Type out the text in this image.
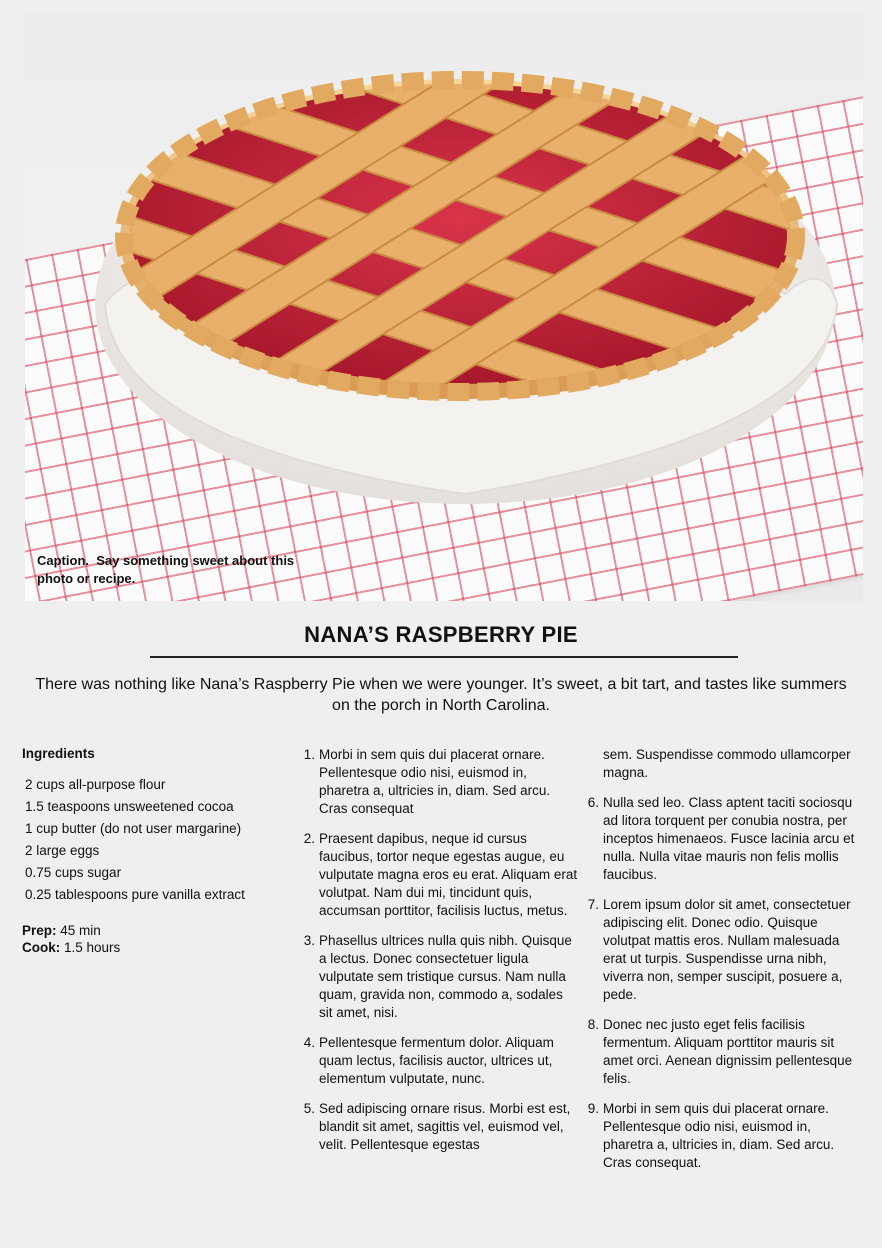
Caption. Say something sweet about this photo or recipe.
NANA’S RASPBERRY PIE
There was nothing like Nana’s Raspberry Pie when we were younger. It’s sweet, a bit tart, and tastes like summers on the porch in North Carolina.
Ingredients
2 cups all-purpose flour
1.5 teaspoons unsweetened cocoa
1 cup butter (do not user margarine)
2 large eggs
0.75 cups sugar
0.25 tablespoons pure vanilla extract
Prep: 45 min
Cook: 1.5 hours
1. Morbi in sem quis dui placerat ornare. Pellentesque odio nisi, euismod in, pharetra a, ultricies in, diam. Sed arcu. Cras consequat
2. Praesent dapibus, neque id cursus faucibus, tortor neque egestas augue, eu vulputate magna eros eu erat. Aliquam erat volutpat. Nam dui mi, tincidunt quis, accumsan porttitor, facilisis luctus, metus.
3. Phasellus ultrices nulla quis nibh. Quisque a lectus. Donec consectetuer ligula vulputate sem tristique cursus. Nam nulla quam, gravida non, commodo a, sodales sit amet, nisi.
4. Pellentesque fermentum dolor. Aliquam quam lectus, facilisis auctor, ultrices ut, elementum vulputate, nunc.
5. Sed adipiscing ornare risus. Morbi est est, blandit sit amet, sagittis vel, euismod vel, velit. Pellentesque egestas
sem. Suspendisse commodo ullamcorper magna.
6. Nulla sed leo. Class aptent taciti sociosqu ad litora torquent per conubia nostra, per inceptos himenaeos. Fusce lacinia arcu et nulla. Nulla vitae mauris non felis mollis faucibus.
7. Lorem ipsum dolor sit amet, consectetuer adipiscing elit. Donec odio. Quisque volutpat mattis eros. Nullam malesuada erat ut turpis. Suspendisse urna nibh, viverra non, semper suscipit, posuere a, pede.
8. Donec nec justo eget felis facilisis fermentum. Aliquam porttitor mauris sit amet orci. Aenean dignissim pellentesque felis.
9. Morbi in sem quis dui placerat ornare. Pellentesque odio nisi, euismod in, pharetra a, ultricies in, diam. Sed arcu. Cras consequat.
